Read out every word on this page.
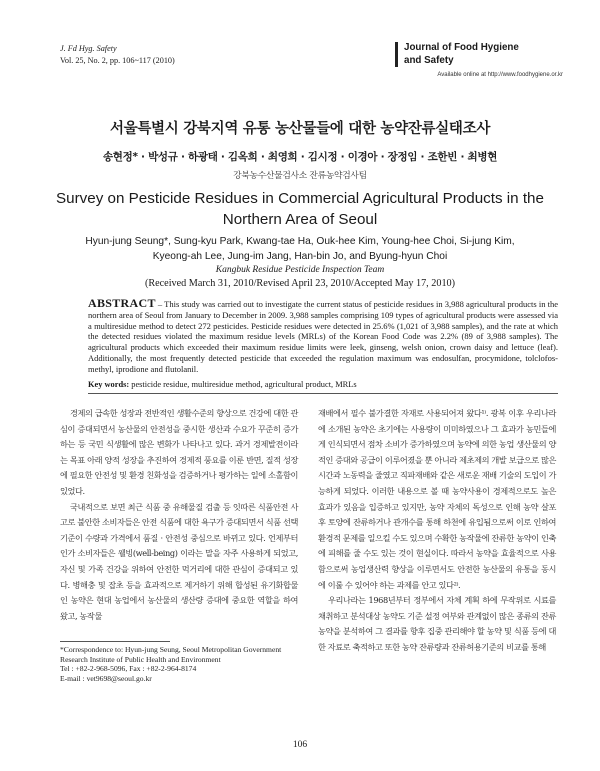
J. Fd Hyg. Safety
Vol. 25, No. 2, pp. 106~117 (2010)
Journal of Food Hygiene
and Safety
Available online at http://www.foodhygiene.or.kr
서울특별시 강북지역 유통 농산물들에 대한 농약잔류실태조사
송현정* · 박성규 · 하광태 · 김옥희 · 최영희 · 김시정 · 이경아 · 장정임 · 조한빈 · 최병현
강북농수산물검사소 잔류농약검사팀
Survey on Pesticide Residues in Commercial Agricultural Products in the
Northern Area of Seoul
Hyun-jung Seung*, Sung-kyu Park, Kwang-tae Ha, Ouk-hee Kim, Young-hee Choi, Si-jung Kim,
Kyeong-ah Lee, Jung-im Jang, Han-bin Jo, and Byung-hyun Choi
Kangbuk Residue Pesticide Inspection Team
(Received March 31, 2010/Revised April 23, 2010/Accepted May 17, 2010)
ABSTRACT – This study was carried out to investigate the current status of pesticide residues in 3,988 agricultural products in the northern area of Seoul from January to December in 2009. 3,988 samples comprising 109 types of agricultural products were assessed via a multiresidue method to detect 272 pesticides. Pesticide residues were detected in 25.6% (1,021 of 3,988 samples), and the rate at which the detected residues violated the maximum residue levels (MRLs) of the Korean Food Code was 2.2% (89 of 3,988 samples). The agricultural products which exceeded their maximum residue limits were leek, ginseng, welsh onion, crown daisy and lettuce (leaf). Additionally, the most frequently detected pesticide that exceeded the regulation maximum was endosulfan, procymidone, tolclofos-methyl, iprodione and flutolanil.
Key words: pesticide residue, multiresidue method, agricultural product, MRLs

경제의 급속한 성장과 전반적인 생활수준의 향상으로 건강에 대한 관심이 증대되면서 농산물의 안전성을 중시한 생산과 수요가 꾸준히 증가하는 등 국민 식생활에 많은 변화가 나타나고 있다. 과거 경제발전이라는 목표 아래 양적 성장을 추진하여 경제적 풍요를 이룬 반면, 질적 성장에 필요한 안전성 및 환경 친화성을 검증하거나 평가하는 일에 소홀함이 있었다.

국내적으로 보면 최근 식품 중 유해물질 검출 등 잇따른 식품안전 사고로 불안한 소비자들은 안전 식품에 대한 욕구가 증대되면서 식품 선택 기준이 수량과 가격에서 품질 · 안전성 중심으로 바뀌고 있다. 언제부터인가 소비자들은 웰빙(well-being) 이라는 말을 자주 사용하게 되었고, 자신 및 가족 건강을 위하여 안전한 먹거리에 대한 관심이 증대되고 있다. 병해충 및 잡초 등을 효과적으로 제거하기 위해 합성된 유기화합물인 농약은 현대 농업에서 농산물의 생산량 증대에 중요한 역할을 하여 왔고, 농작물

재배에서 필수 불가결한 자재로 사용되어져 왔다¹⁾. 광복 이후 우리나라에 소개된 농약은 초기에는 사용량이 미미하였으나 그 효과가 농민들에게 인식되면서 점차 소비가 증가하였으며 농약에 의한 농업 생산물의 양적인 증대와 공급이 이루어졌을 뿐 아니라 제초제의 개발 보급으로 많은 시간과 노동력을 줄였고 직파재배와 같은 새로운 재배 기술의 도입이 가능하게 되었다. 이러한 내용으로 볼 때 농약사용이 경제적으로도 높은 효과가 있음을 입증하고 있지만, 농약 자체의 독성으로 인해 농약 살포 후 토양에 잔류하거나 관개수를 통해 하천에 유입됨으로써 이로 인하여 환경적 문제를 일으킬 수도 있으며 수확한 농작물에 잔류한 농약이 인축에 피해를 줄 수도 있는 것이 현실이다. 따라서 농약을 효율적으로 사용함으로써 농업생산력 향상을 이루면서도 안전한 농산물의 유통을 동시에 이룰 수 있어야 하는 과제를 안고 있다²⁾.

우리나라는 1968년부터 정부에서 자체 계획 하에 무작위로 시료를 채취하고 분석대상 농약도 기준 설정 여부와 관계없이 많은 종류의 잔류농약을 분석하여 그 결과를 향후 집중 관리해야 할 농약 및 식품 등에 대한 자료로 축적하고 또한 농약 잔류량과 잔류허용기준의 비교를 통해

*Correspondence to: Hyun-jung Seung, Seoul Metropolitan Government Research Institute of Public Health and Environment
Tel : +82-2-968-5096, Fax : +82-2-964-8174
E-mail : vet9698@seoul.go.kr
106
